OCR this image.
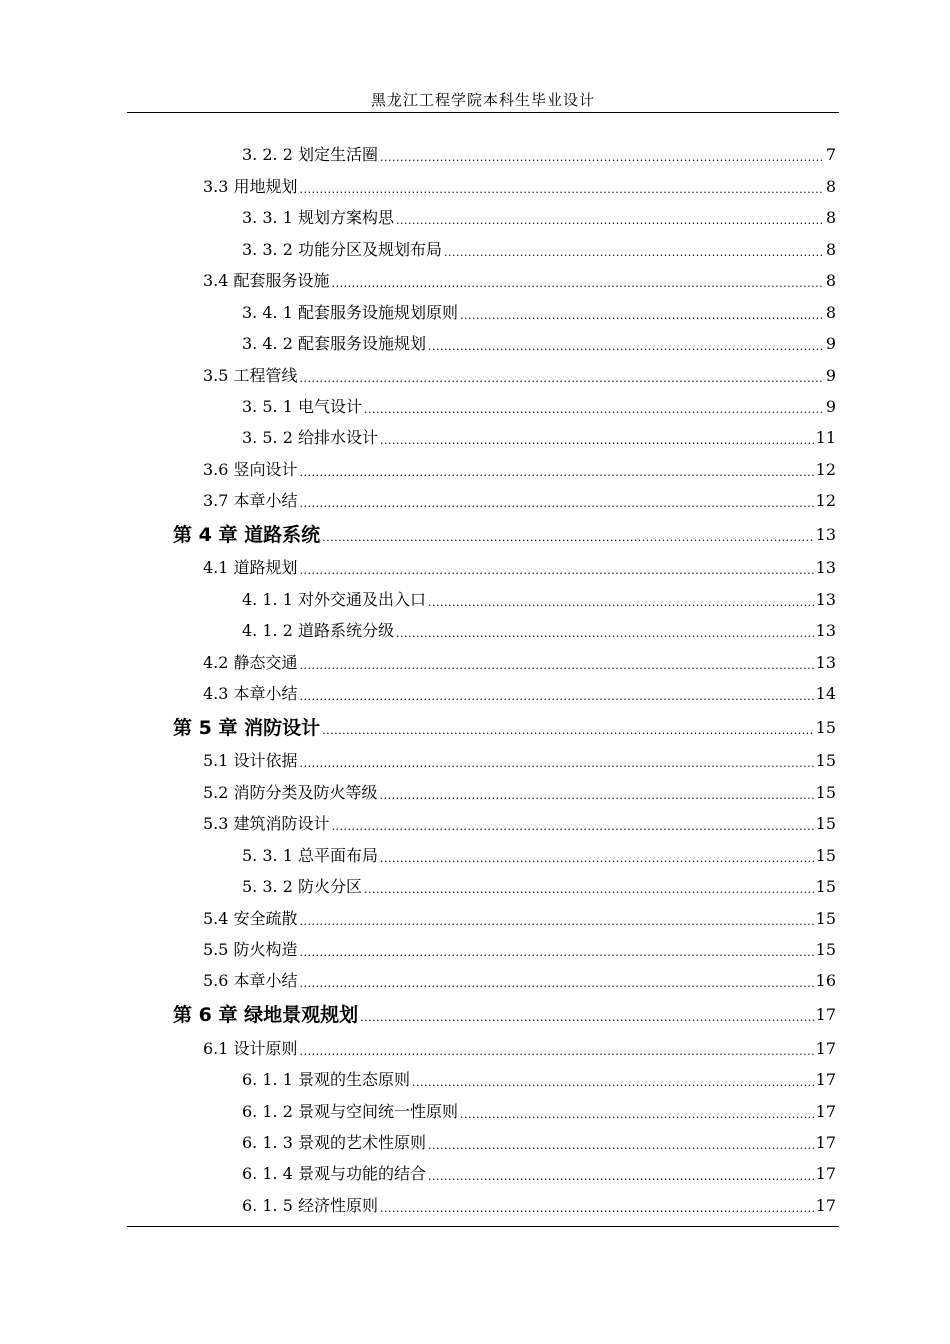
黑龙江工程学院本科生毕业设计
3. 2. 2 划定生活圈 .....	7
3.3 用地规划 .....	8
3. 3. 1 规划方案构思 .....	8
3. 3. 2 功能分区及规划布局 .....	8
3.4 配套服务设施 .....	8
3. 4. 1 配套服务设施规划原则 .....	8
3. 4. 2 配套服务设施规划 .....	9
3.5 工程管线 .....	9
3. 5. 1 电气设计 .....	9
3. 5. 2 给排水设计 .....	11
3.6 竖向设计 .....	12
3.7 本章小结 .....	12
第 4 章 道路系统 .....	13
4.1 道路规划 .....	13
4. 1. 1 对外交通及出入口 .....	13
4. 1. 2 道路系统分级 .....	13
4.2 静态交通 .....	13
4.3 本章小结 .....	14
第 5 章 消防设计 .....	15
5.1 设计依据 .....	15
5.2 消防分类及防火等级 .....	15
5.3 建筑消防设计 .....	15
5. 3. 1 总平面布局 .....	15
5. 3. 2 防火分区 .....	15
5.4 安全疏散 .....	15
5.5 防火构造 .....	15
5.6 本章小结 .....	16
第 6 章 绿地景观规划 .....	17
6.1 设计原则 .....	17
6. 1. 1 景观的生态原则 .....	17
6. 1. 2 景观与空间统一性原则 .....	17
6. 1. 3 景观的艺术性原则 .....	17
6. 1. 4 景观与功能的结合 .....	17
6. 1. 5 经济性原则 .....	17
